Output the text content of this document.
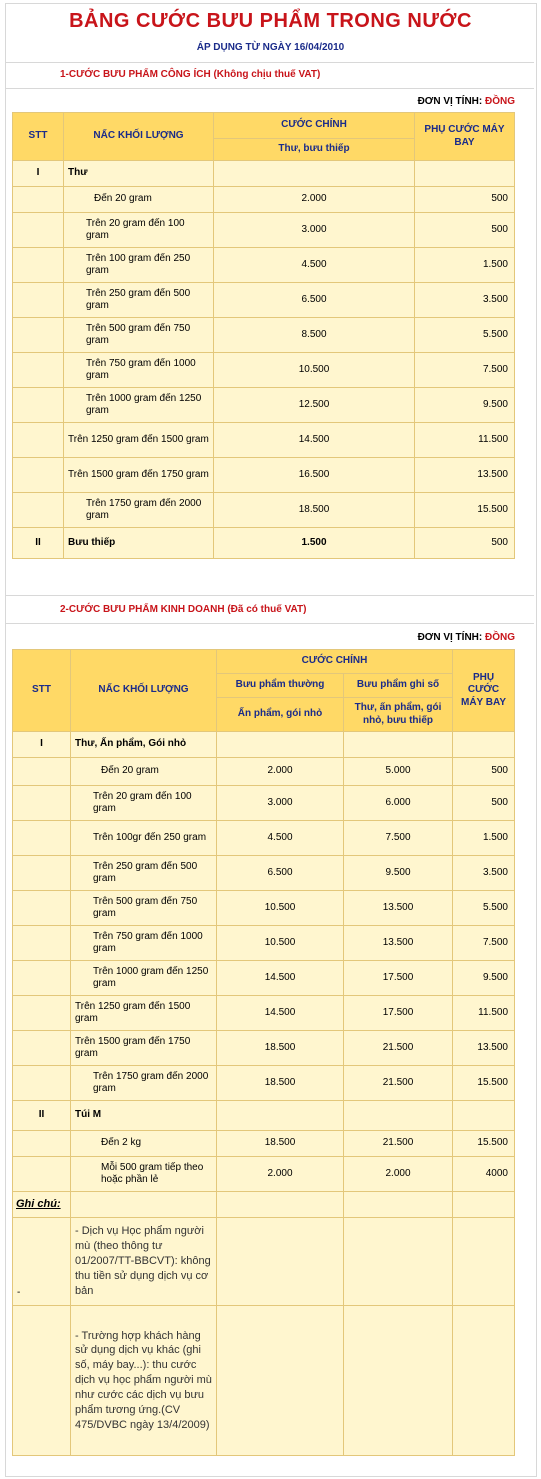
BẢNG CƯỚC BƯU PHẨM TRONG NƯỚC
ÁP DỤNG TỪ NGÀY 16/04/2010
1-CƯỚC BƯU PHẨM CÔNG ÍCH (Không chịu thuế VAT)
ĐƠN VỊ TÍNH: ĐỒNG
STT	NẤC KHỐI LƯỢNG	CƯỚC CHÍNH	PHỤ CƯỚC MÁY BAY
		Thư, bưu thiếp	
I	Thư		
	Đến 20 gram	2.000	500
	Trên 20 gram đến 100 gram	3.000	500
	Trên 100 gram đến 250 gram	4.500	1.500
	Trên 250 gram đến 500 gram	6.500	3.500
	Trên 500 gram đến 750 gram	8.500	5.500
	Trên 750 gram đến 1000 gram	10.500	7.500
	Trên 1000 gram đến 1250 gram	12.500	9.500
	Trên 1250 gram đến 1500 gram	14.500	11.500
	Trên 1500 gram đến 1750 gram	16.500	13.500
	Trên 1750 gram đến 2000 gram	18.500	15.500
II	Bưu thiếp	1.500	500
2-CƯỚC BƯU PHẨM KINH DOANH (Đã có thuế VAT)
ĐƠN VỊ TÍNH: ĐỒNG
STT	NẤC KHỐI LƯỢNG	CƯỚC CHÍNH		PHỤ CƯỚC MÁY BAY
		Bưu phẩm thường	Bưu phẩm ghi số	
		Ấn phẩm, gói nhỏ	Thư, ấn phẩm, gói nhỏ, bưu thiếp	
I	Thư, Ấn phẩm, Gói nhỏ			
	Đến 20 gram	2.000	5.000	500
	Trên 20 gram đến 100 gram	3.000	6.000	500
	Trên 100gr đến 250 gram	4.500	7.500	1.500
	Trên 250 gram đến 500 gram	6.500	9.500	3.500
	Trên 500 gram đến 750 gram	10.500	13.500	5.500
	Trên 750 gram đến 1000 gram	10.500	13.500	7.500
	Trên 1000 gram đến 1250 gram	14.500	17.500	9.500
	Trên 1250 gram đến 1500 gram	14.500	17.500	11.500
	Trên 1500 gram đến 1750 gram	18.500	21.500	13.500
	Trên 1750 gram đến 2000 gram	18.500	21.500	15.500
II	Túi M			
	Đến 2 kg	18.500	21.500	15.500
	Mỗi 500 gram tiếp theo hoặc phần lẻ	2.000	2.000	4000
Ghi chú:				
-	- Dịch vụ Học phẩm người mù (theo thông tư 01/2007/TT-BBCVT): không thu tiền sử dụng dịch vụ cơ bản			
	- Trường hợp khách hàng sử dụng dịch vụ khác (ghi số, máy bay...): thu cước dịch vụ học phẩm người mù như cước các dịch vụ bưu phẩm tương ứng.(CV 475/DVBC ngày 13/4/2009)			
